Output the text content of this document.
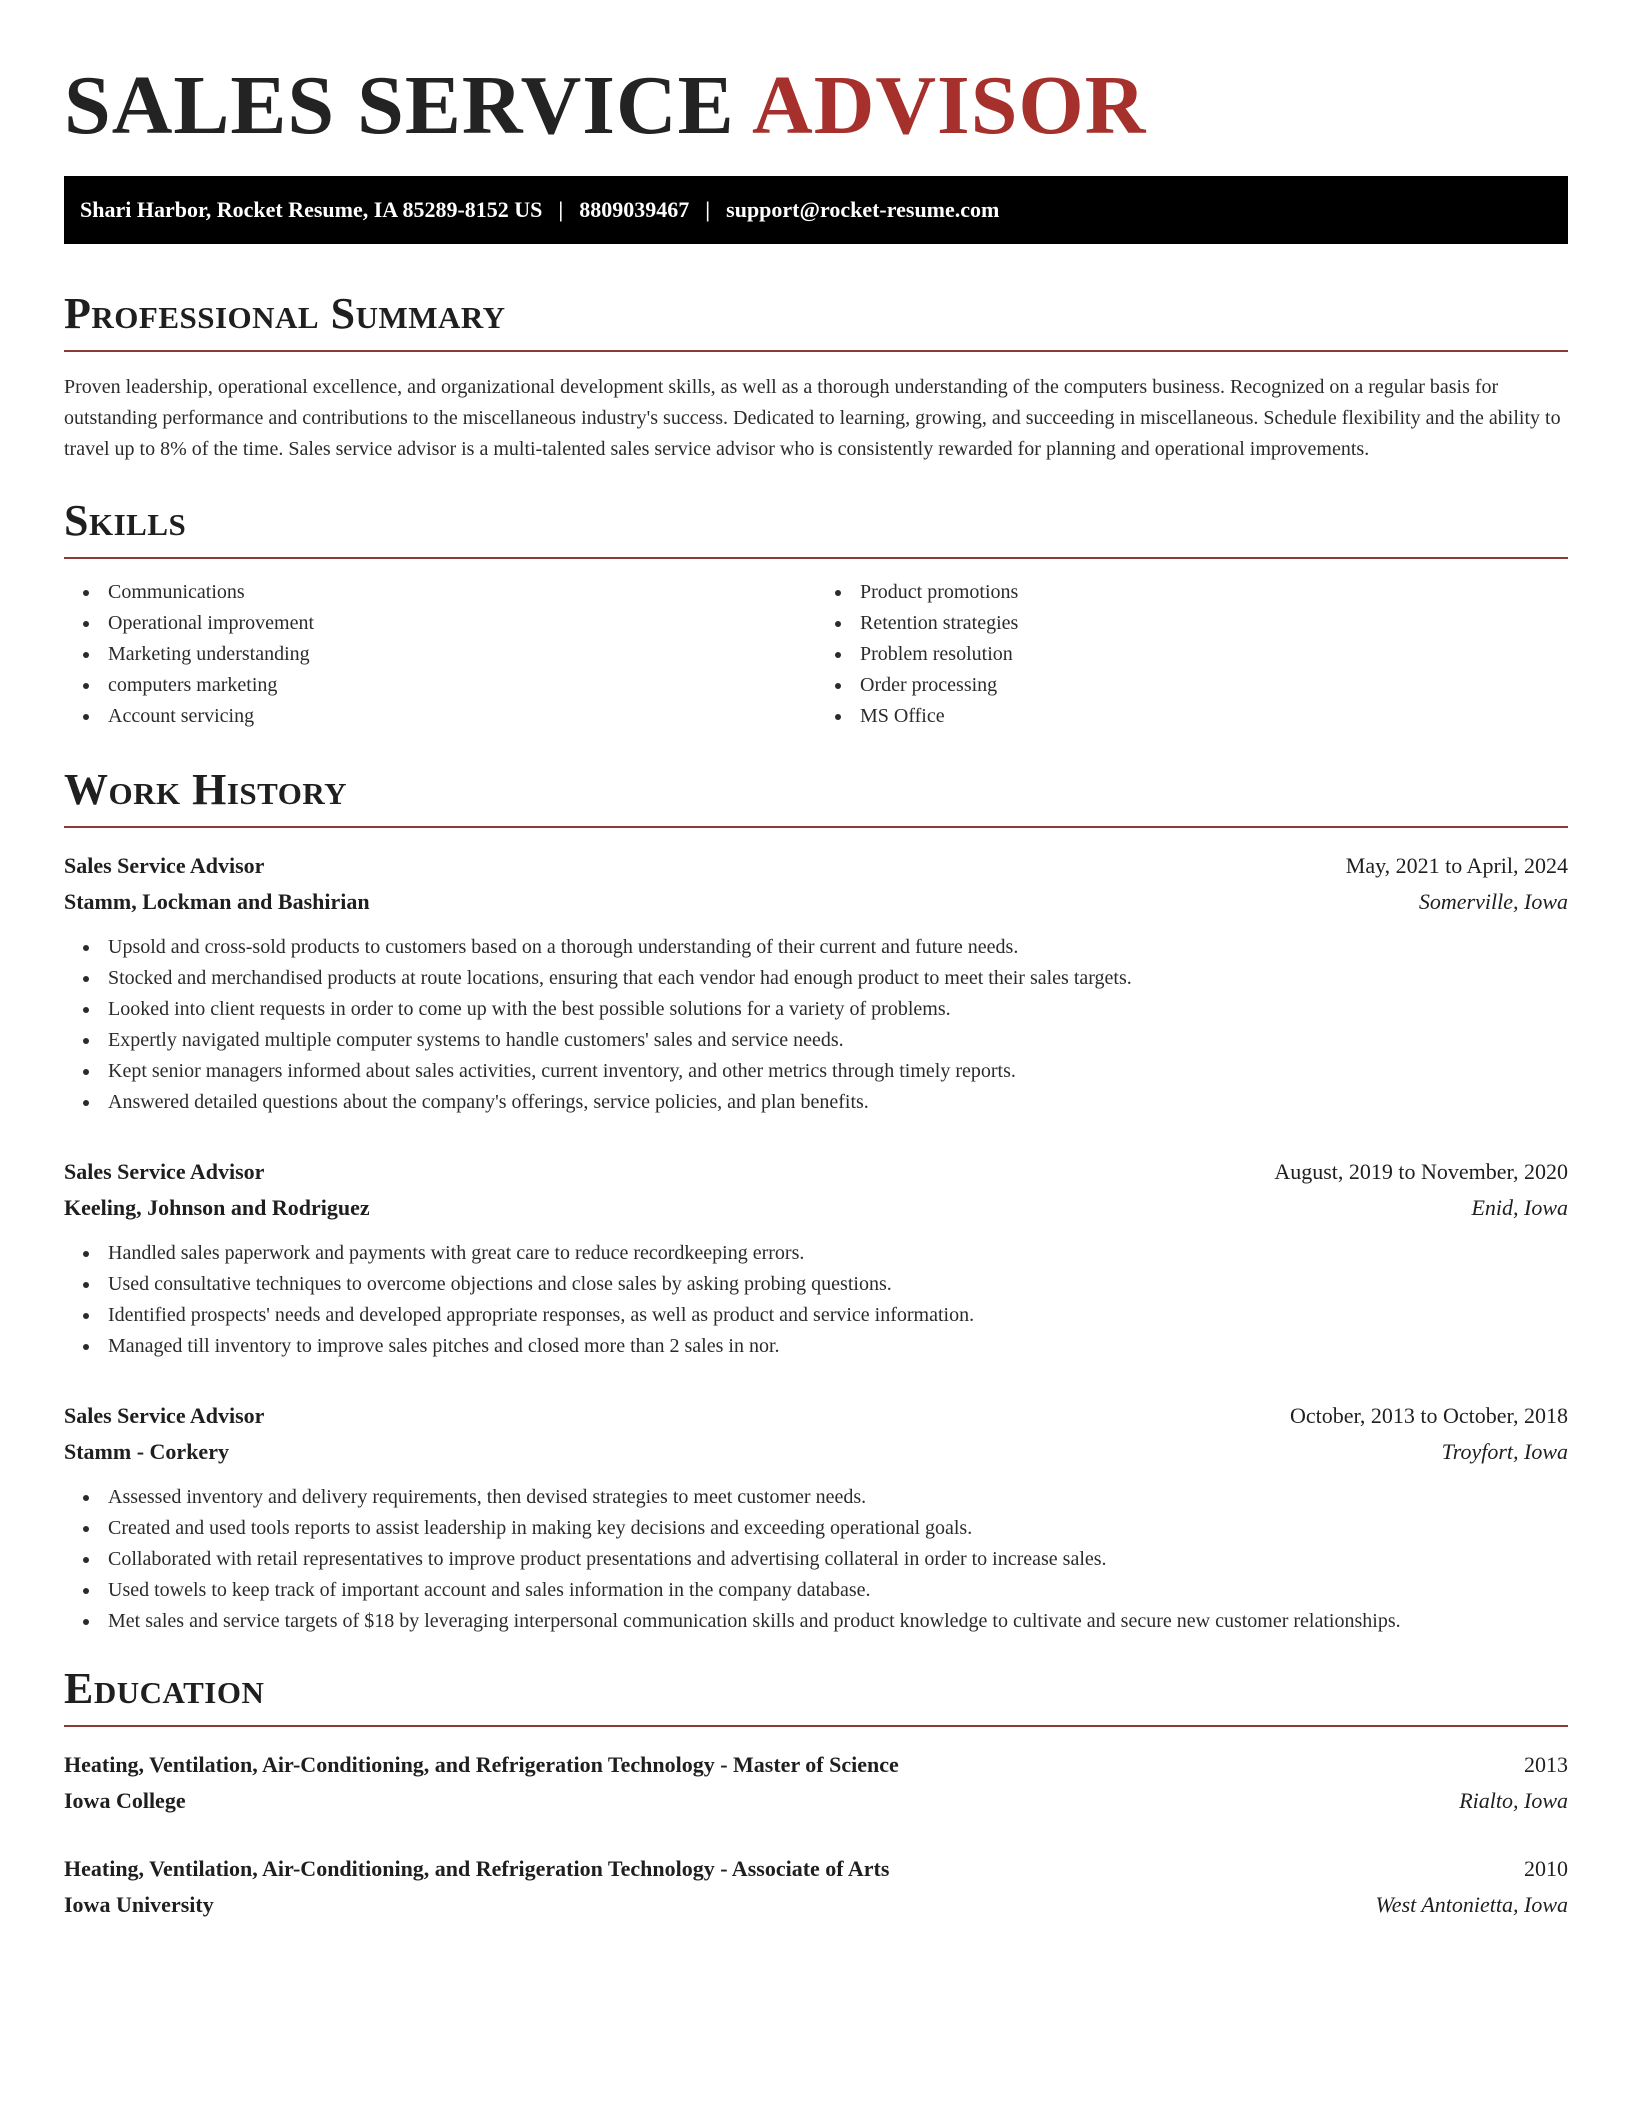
SALES SERVICE ADVISOR
Shari Harbor, Rocket Resume, IA 85289-8152 US | 8809039467 | support@rocket-resume.com
Professional Summary

Proven leadership, operational excellence, and organizational development skills, as well as a thorough understanding of the computers business. Recognized on a regular basis for outstanding performance and contributions to the miscellaneous industry's success. Dedicated to learning, growing, and succeeding in miscellaneous. Schedule flexibility and the ability to travel up to 8% of the time. Sales service advisor is a multi-talented sales service advisor who is consistently rewarded for planning and operational improvements.

Skills
Communications
Operational improvement
Marketing understanding
computers marketing
Account servicing
Product promotions
Retention strategies
Problem resolution
Order processing
MS Office
Work History
Sales Service Advisor	May, 2021 to April, 2024
Stamm, Lockman and Bashirian	Somerville, Iowa
Upsold and cross-sold products to customers based on a thorough understanding of their current and future needs.
Stocked and merchandised products at route locations, ensuring that each vendor had enough product to meet their sales targets.
Looked into client requests in order to come up with the best possible solutions for a variety of problems.
Expertly navigated multiple computer systems to handle customers' sales and service needs.
Kept senior managers informed about sales activities, current inventory, and other metrics through timely reports.
Answered detailed questions about the company's offerings, service policies, and plan benefits.
Sales Service Advisor	August, 2019 to November, 2020
Keeling, Johnson and Rodriguez	Enid, Iowa
Handled sales paperwork and payments with great care to reduce recordkeeping errors.
Used consultative techniques to overcome objections and close sales by asking probing questions.
Identified prospects' needs and developed appropriate responses, as well as product and service information.
Managed till inventory to improve sales pitches and closed more than 2 sales in nor.
Sales Service Advisor	October, 2013 to October, 2018
Stamm - Corkery	Troyfort, Iowa
Assessed inventory and delivery requirements, then devised strategies to meet customer needs.
Created and used tools reports to assist leadership in making key decisions and exceeding operational goals.
Collaborated with retail representatives to improve product presentations and advertising collateral in order to increase sales.
Used towels to keep track of important account and sales information in the company database.
Met sales and service targets of $18 by leveraging interpersonal communication skills and product knowledge to cultivate and secure new customer relationships.
Education
Heating, Ventilation, Air-Conditioning, and Refrigeration Technology - Master of Science	2013
Iowa College	Rialto, Iowa
Heating, Ventilation, Air-Conditioning, and Refrigeration Technology - Associate of Arts	2010
Iowa University	West Antonietta, Iowa
